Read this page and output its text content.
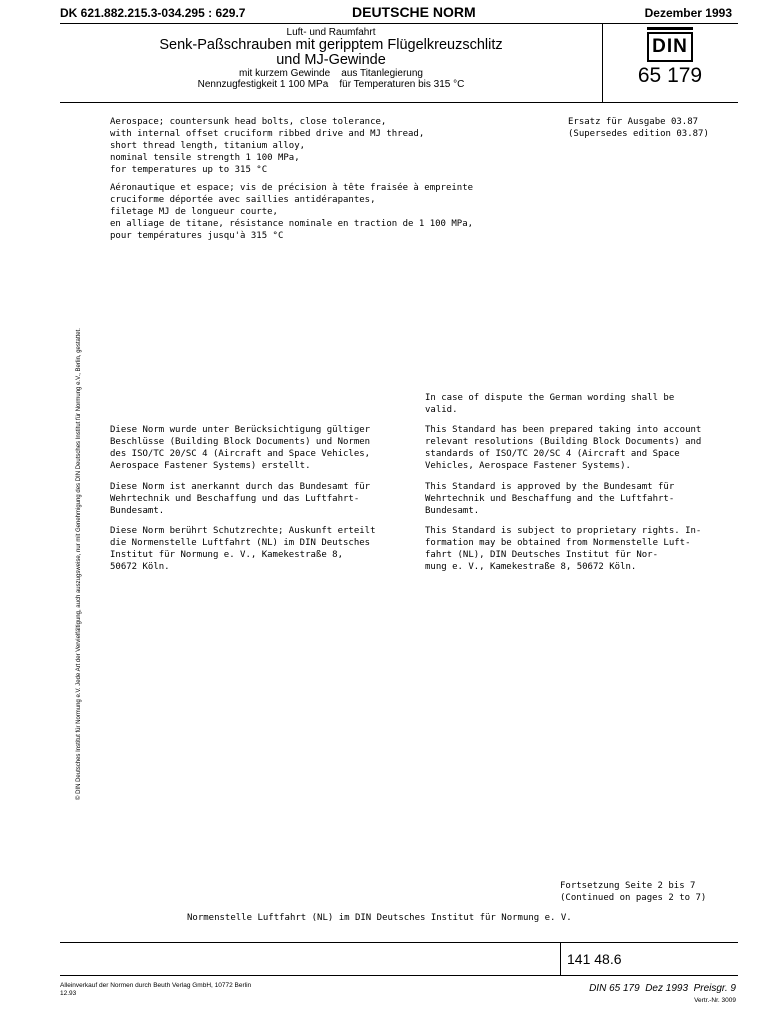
DK 621.882.215.3-034.295 : 629.7	DEUTSCHE NORM	Dezember 1993
Luft- und Raumfahrt
Senk-Paßschrauben mit geripptem Flügelkreuzschlitz
und MJ-Gewinde
mit kurzem Gewinde    aus Titanlegierung
Nennzugfestigkeit 1 100 MPa    für Temperaturen bis 315 °C
DIN
65 179
© DIN Deutsches Institut für Normung e.V. Jede Art der Vervielfältigung, auch auszugsweise, nur mit Genehmigung des DIN Deutsches Institut für Normung e.V., Berlin, gestattet.
Aerospace; countersunk head bolts, close tolerance,
with internal offset cruciform ribbed drive and MJ thread,
short thread length, titanium alloy,
nominal tensile strength 1 100 MPa,
for temperatures up to 315 °C
Ersatz für Ausgabe 03.87
(Supersedes edition 03.87)
Aéronautique et espace; vis de précision à tête fraisée à empreinte
cruciforme déportée avec saillies antidérapantes,
filetage MJ de longueur courte,
en alliage de titane, résistance nominale en traction de 1 100 MPa,
pour températures jusqu'à 315 °C
In case of dispute the German wording shall be
valid.
Diese Norm wurde unter Berücksichtigung gültiger
Beschlüsse (Building Block Documents) und Normen
des ISO/TC 20/SC 4 (Aircraft and Space Vehicles,
Aerospace Fastener Systems) erstellt.
Diese Norm ist anerkannt durch das Bundesamt für
Wehrtechnik und Beschaffung und das Luftfahrt-
Bundesamt.
Diese Norm berührt Schutzrechte; Auskunft erteilt
die Normenstelle Luftfahrt (NL) im DIN Deutsches
Institut für Normung e. V., Kamekestraße 8,
50672 Köln.
This Standard has been prepared taking into account
relevant resolutions (Building Block Documents) and
standards of ISO/TC 20/SC 4 (Aircraft and Space
Vehicles, Aerospace Fastener Systems).
This Standard is approved by the Bundesamt für
Wehrtechnik und Beschaffung and the Luftfahrt-
Bundesamt.
This Standard is subject to proprietary rights. In-
formation may be obtained from Normenstelle Luft-
fahrt (NL), DIN Deutsches Institut für Nor-
mung e. V., Kamekestraße 8, 50672 Köln.
Fortsetzung Seite 2 bis 7
(Continued on pages 2 to 7)
Normenstelle Luftfahrt (NL) im DIN Deutsches Institut für Normung e. V.
141 48.6
Alleinverkauf der Normen durch Beuth Verlag GmbH, 10772 Berlin
12.93	DIN 65 179  Dez 1993  Preisgr. 9
Vertr.-Nr. 3009
